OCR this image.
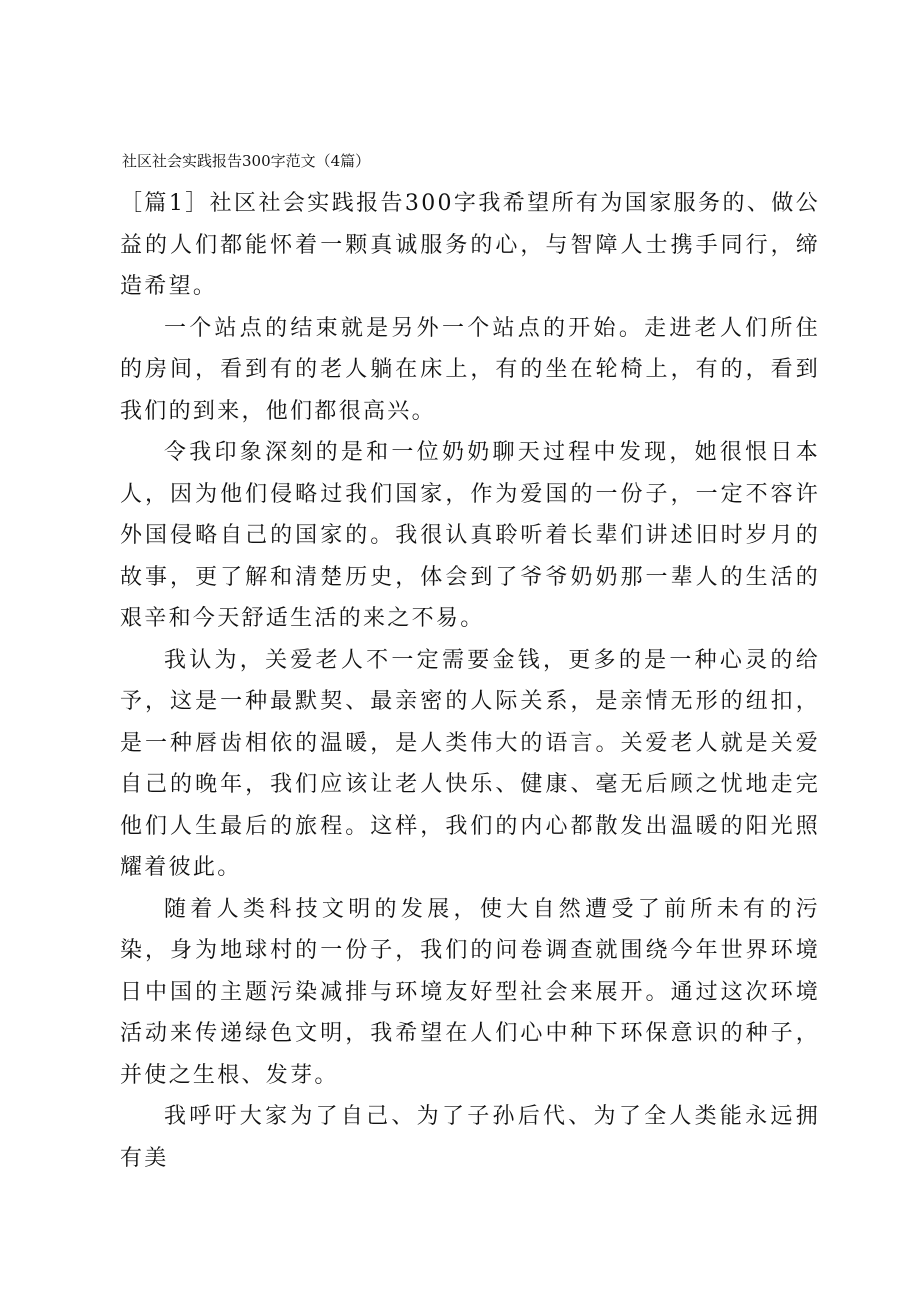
社区社会实践报告300字范文（4篇）

［篇1］社区社会实践报告300字我希望所有为国家服务的、做公益的人们都能怀着一颗真诚服务的心，与智障人士携手同行，缔造希望。

一个站点的结束就是另外一个站点的开始。走进老人们所住的房间，看到有的老人躺在床上，有的坐在轮椅上，有的，看到我们的到来，他们都很高兴。

令我印象深刻的是和一位奶奶聊天过程中发现，她很恨日本人，因为他们侵略过我们国家，作为爱国的一份子，一定不容许外国侵略自己的国家的。我很认真聆听着长辈们讲述旧时岁月的故事，更了解和清楚历史，体会到了爷爷奶奶那一辈人的生活的艰辛和今天舒适生活的来之不易。

我认为，关爱老人不一定需要金钱，更多的是一种心灵的给予，这是一种最默契、最亲密的人际关系，是亲情无形的纽扣，是一种唇齿相依的温暖，是人类伟大的语言。关爱老人就是关爱自己的晚年，我们应该让老人快乐、健康、毫无后顾之忧地走完他们人生最后的旅程。这样，我们的内心都散发出温暖的阳光照耀着彼此。

随着人类科技文明的发展，使大自然遭受了前所未有的污染，身为地球村的一份子，我们的问卷调查就围绕今年世界环境日中国的主题污染减排与环境友好型社会来展开。通过这次环境活动来传递绿色文明，我希望在人们心中种下环保意识的种子，并使之生根、发芽。

我呼吁大家为了自己、为了子孙后代、为了全人类能永远拥有美
